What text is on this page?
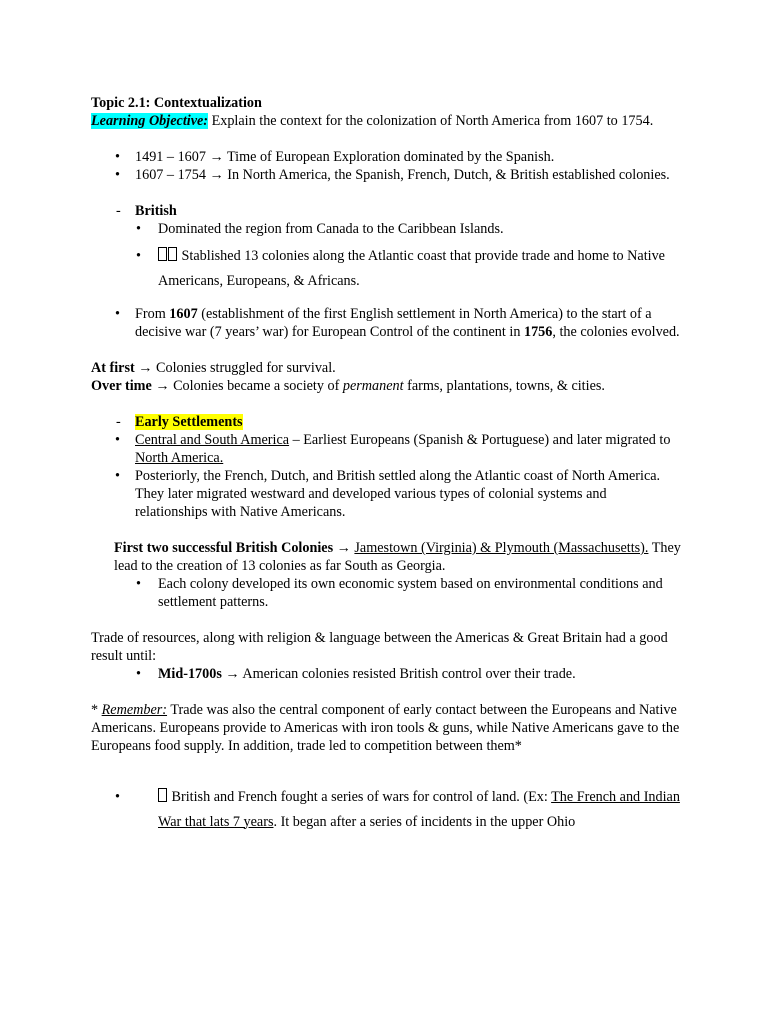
Topic 2.1: Contextualization

Learning Objective: Explain the context for the colonization of North America from 1607 to 1754.

• 1491 – 1607 → Time of European Exploration dominated by the Spanish.

• 1607 – 1754 → In North America, the Spanish, French, Dutch, & British established colonies.

- British

• Dominated the region from Canada to the Caribbean Islands.

•	Stablished 13 colonies along the Atlantic coast that provide trade and home to Native Americans, Europeans, & Africans.

• From 1607 (establishment of the first English settlement in North America) to the start of a decisive war (7 years’ war) for European Control of the continent in 1756, the colonies evolved.

At first → Colonies struggled for survival.

Over time → Colonies became a society of permanent farms, plantations, towns, & cities.

- Early Settlements

• Central and South America – Earliest Europeans (Spanish & Portuguese) and later migrated to North America.

• Posteriorly, the French, Dutch, and British settled along the Atlantic coast of North America. They later migrated westward and developed various types of colonial systems and relationships with Native Americans.

First two successful British Colonies → Jamestown (Virginia) & Plymouth (Massachusetts). They lead to the creation of 13 colonies as far South as Georgia.

• Each colony developed its own economic system based on environmental conditions and settlement patterns.

Trade of resources, along with religion & language between the Americas & Great Britain had a good result until:

• Mid-1700s → American colonies resisted British control over their trade.

* Remember: Trade was also the central component of early contact between the Europeans and Native Americans. Europeans provide to Americas with iron tools & guns, while Native Americans gave to the Europeans food supply. In addition, trade led to competition between them*

•	British and French fought a series of wars for control of land. (Ex: The French and Indian War that lats 7 years. It began after a series of incidents in the upper Ohio
